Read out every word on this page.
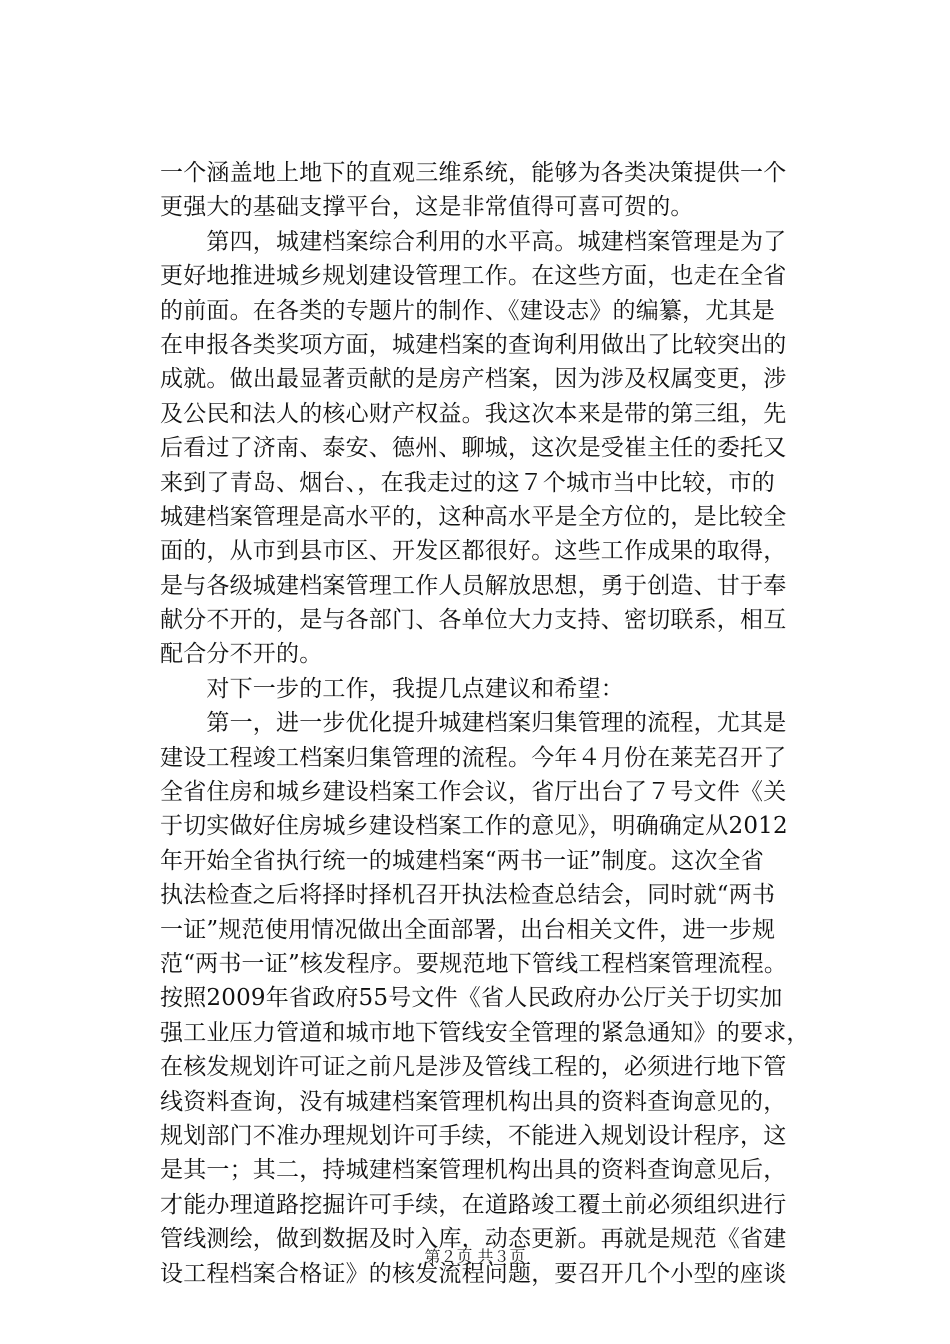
一个涵盖地上地下的直观三维系统，能够为各类决策提供一个
更强大的基础支撑平台，这是非常值得可喜可贺的。
　　第四，城建档案综合利用的水平高。城建档案管理是为了
更好地推进城乡规划建设管理工作。在这些方面，也走在全省
的前面。在各类的专题片的制作、《建设志》的编纂，尤其是
在申报各类奖项方面，城建档案的查询利用做出了比较突出的
成就。做出最显著贡献的是房产档案，因为涉及权属变更，涉
及公民和法人的核心财产权益。我这次本来是带的第三组，先
后看过了济南、泰安、德州、聊城，这次是受崔主任的委托又
来到了青岛、烟台、，在我走过的这７个城市当中比较，市的
城建档案管理是高水平的，这种高水平是全方位的，是比较全
面的，从市到县市区、开发区都很好。这些工作成果的取得，
是与各级城建档案管理工作人员解放思想，勇于创造、甘于奉
献分不开的，是与各部门、各单位大力支持、密切联系，相互
配合分不开的。
　　对下一步的工作，我提几点建议和希望：
　　第一，进一步优化提升城建档案归集管理的流程，尤其是
建设工程竣工档案归集管理的流程。今年４月份在莱芜召开了
全省住房和城乡建设档案工作会议，省厅出台了７号文件《关
于切实做好住房城乡建设档案工作的意见》，明确确定从2012
年开始全省执行统一的城建档案“两书一证”制度。这次全省
执法检查之后将择时择机召开执法检查总结会，同时就“两书
一证”规范使用情况做出全面部署，出台相关文件，进一步规
范“两书一证”核发程序。要规范地下管线工程档案管理流程。
按照2009年省政府55号文件《省人民政府办公厅关于切实加
强工业压力管道和城市地下管线安全管理的紧急通知》的要求，
在核发规划许可证之前凡是涉及管线工程的，必须进行地下管
线资料查询，没有城建档案管理机构出具的资料查询意见的，
规划部门不准办理规划许可手续，不能进入规划设计程序，这
是其一；其二，持城建档案管理机构出具的资料查询意见后，
才能办理道路挖掘许可手续，在道路竣工覆土前必须组织进行
管线测绘，做到数据及时入库，动态更新。再就是规范《省建
设工程档案合格证》的核发流程问题，要召开几个小型的座谈
第２页 共３页
